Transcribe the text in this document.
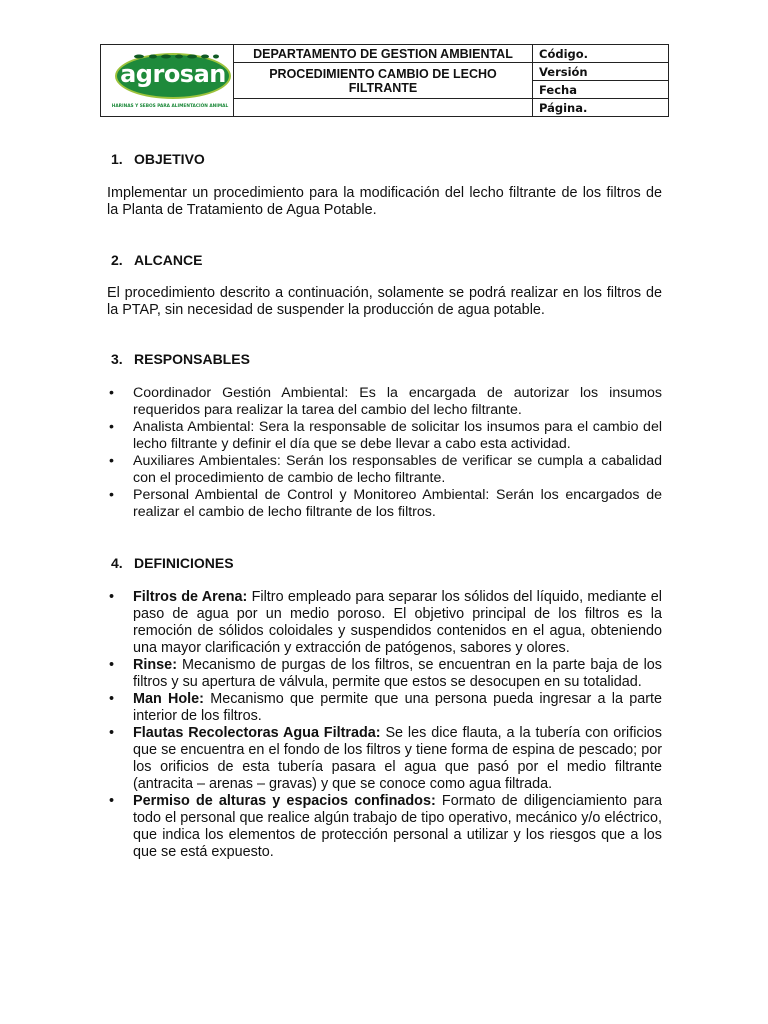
agrosan
HARINAS Y SEBOS PARA ALIMENTACIÓN ANIMAL	DEPARTAMENTO DE GESTION AMBIENTAL	Código.
	PROCEDIMIENTO CAMBIO DE LECHO FILTRANTE	Versión
		Fecha
		Página.
1. OBJETIVO

Implementar un procedimiento para la modificación del lecho filtrante de los filtros de la Planta de Tratamiento de Agua Potable.

2. ALCANCE

El procedimiento descrito a continuación, solamente se podrá realizar en los filtros de la PTAP, sin necesidad de suspender la producción de agua potable.

3. RESPONSABLES
• Coordinador Gestión Ambiental: Es la encargada de autorizar los insumos requeridos para realizar la tarea del cambio del lecho filtrante.
• Analista Ambiental: Sera la responsable de solicitar los insumos para el cambio del lecho filtrante y definir el día que se debe llevar a cabo esta actividad.
• Auxiliares Ambientales: Serán los responsables de verificar se cumpla a cabalidad con el procedimiento de cambio de lecho filtrante.
• Personal Ambiental de Control y Monitoreo Ambiental: Serán los encargados de realizar el cambio de lecho filtrante de los filtros.
4. DEFINICIONES
• Filtros de Arena: Filtro empleado para separar los sólidos del líquido, mediante el paso de agua por un medio poroso. El objetivo principal de los filtros es la remoción de sólidos coloidales y suspendidos contenidos en el agua, obteniendo una mayor clarificación y extracción de patógenos, sabores y olores.
• Rinse: Mecanismo de purgas de los filtros, se encuentran en la parte baja de los filtros y su apertura de válvula, permite que estos se desocupen en su totalidad.
• Man Hole: Mecanismo que permite que una persona pueda ingresar a la parte interior de los filtros.
• Flautas Recolectoras Agua Filtrada: Se les dice flauta, a la tubería con orificios que se encuentra en el fondo de los filtros y tiene forma de espina de pescado; por los orificios de esta tubería pasara el agua que pasó por el medio filtrante (antracita – arenas – gravas) y que se conoce como agua filtrada.
• Permiso de alturas y espacios confinados: Formato de diligenciamiento para todo el personal que realice algún trabajo de tipo operativo, mecánico y/o eléctrico, que indica los elementos de protección personal a utilizar y los riesgos que a los que se está expuesto.
